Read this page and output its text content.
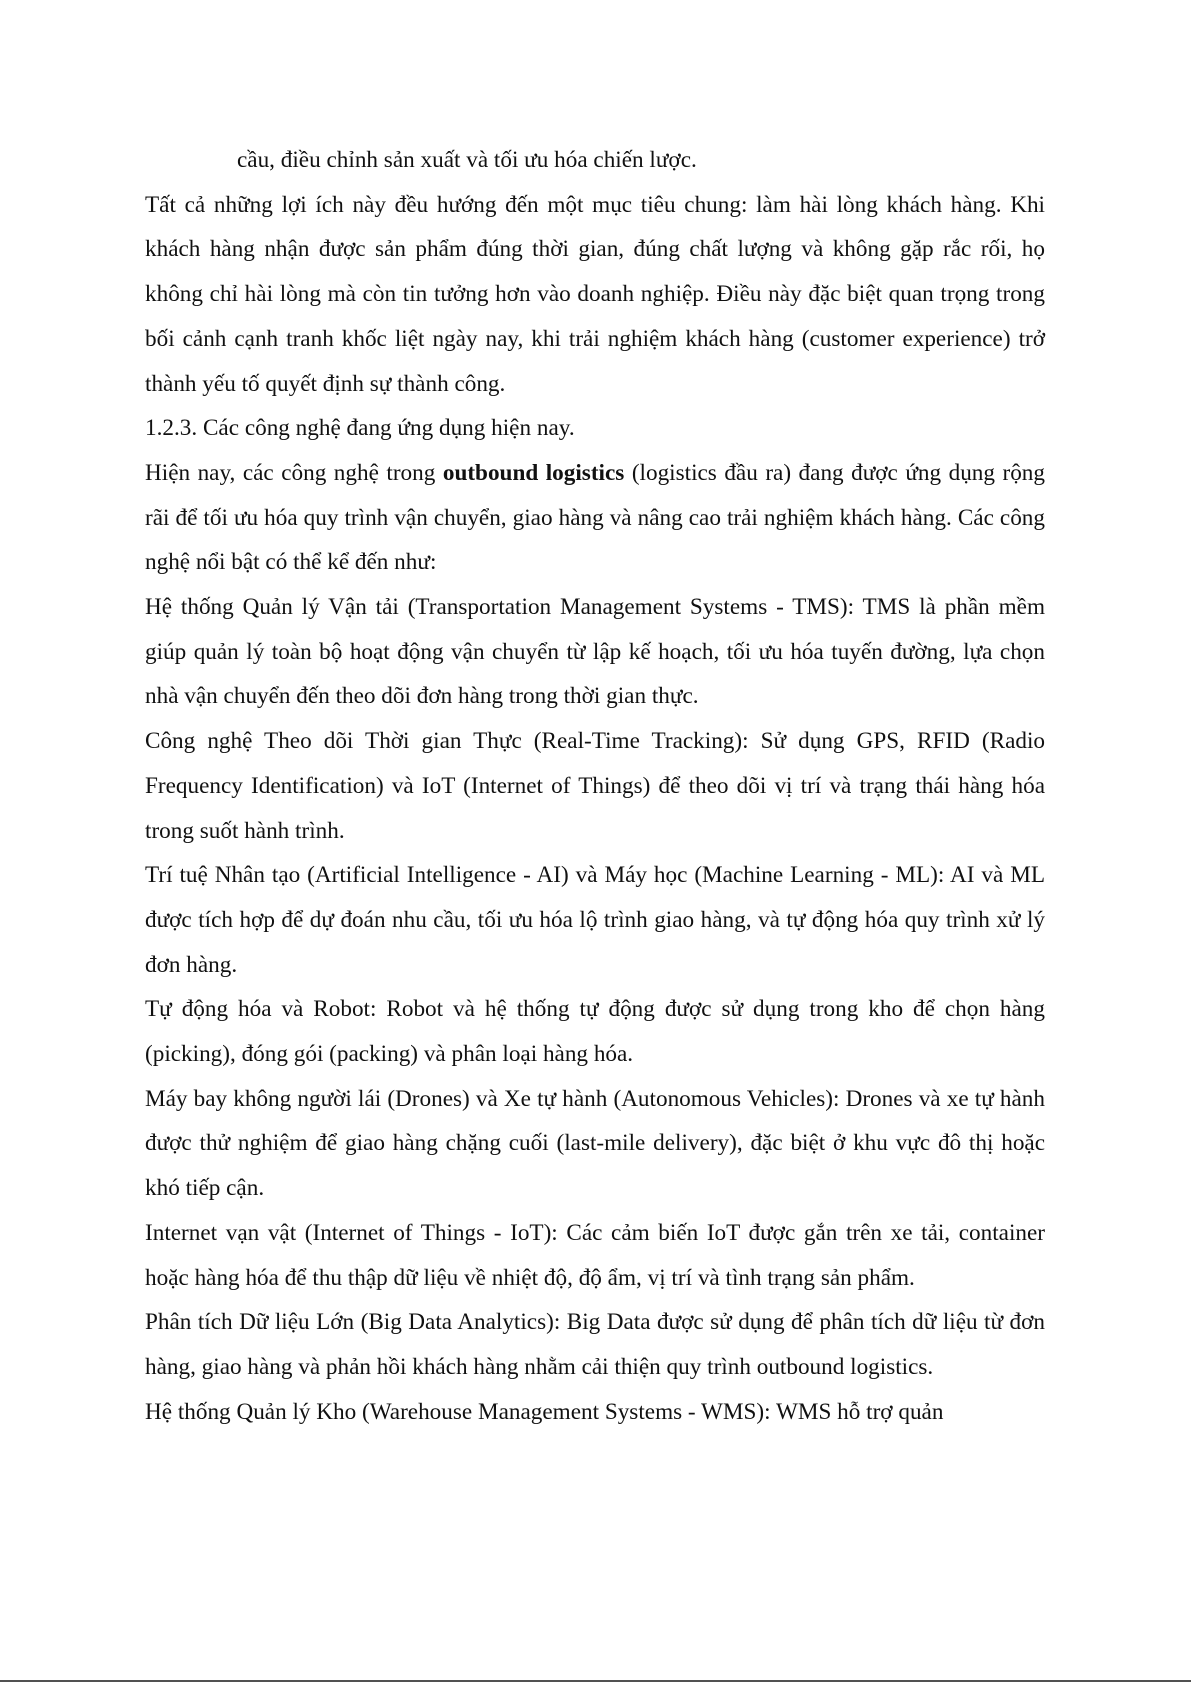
cầu, điều chỉnh sản xuất và tối ưu hóa chiến lược.

Tất cả những lợi ích này đều hướng đến một mục tiêu chung: làm hài lòng khách hàng. Khi khách hàng nhận được sản phẩm đúng thời gian, đúng chất lượng và không gặp rắc rối, họ không chỉ hài lòng mà còn tin tưởng hơn vào doanh nghiệp. Điều này đặc biệt quan trọng trong bối cảnh cạnh tranh khốc liệt ngày nay, khi trải nghiệm khách hàng (customer experience) trở thành yếu tố quyết định sự thành công.

1.2.3. Các công nghệ đang ứng dụng hiện nay.

Hiện nay, các công nghệ trong outbound logistics (logistics đầu ra) đang được ứng dụng rộng rãi để tối ưu hóa quy trình vận chuyển, giao hàng và nâng cao trải nghiệm khách hàng. Các công nghệ nổi bật có thể kể đến như:

Hệ thống Quản lý Vận tải (Transportation Management Systems - TMS): TMS là phần mềm giúp quản lý toàn bộ hoạt động vận chuyển từ lập kế hoạch, tối ưu hóa tuyến đường, lựa chọn nhà vận chuyển đến theo dõi đơn hàng trong thời gian thực.

Công nghệ Theo dõi Thời gian Thực (Real-Time Tracking): Sử dụng GPS, RFID (Radio Frequency Identification) và IoT (Internet of Things) để theo dõi vị trí và trạng thái hàng hóa trong suốt hành trình.

Trí tuệ Nhân tạo (Artificial Intelligence - AI) và Máy học (Machine Learning - ML): AI và ML được tích hợp để dự đoán nhu cầu, tối ưu hóa lộ trình giao hàng, và tự động hóa quy trình xử lý đơn hàng.

Tự động hóa và Robot: Robot và hệ thống tự động được sử dụng trong kho để chọn hàng (picking), đóng gói (packing) và phân loại hàng hóa.

Máy bay không người lái (Drones) và Xe tự hành (Autonomous Vehicles): Drones và xe tự hành được thử nghiệm để giao hàng chặng cuối (last-mile delivery), đặc biệt ở khu vực đô thị hoặc khó tiếp cận.

Internet vạn vật (Internet of Things - IoT): Các cảm biến IoT được gắn trên xe tải, container hoặc hàng hóa để thu thập dữ liệu về nhiệt độ, độ ẩm, vị trí và tình trạng sản phẩm.

Phân tích Dữ liệu Lớn (Big Data Analytics): Big Data được sử dụng để phân tích dữ liệu từ đơn hàng, giao hàng và phản hồi khách hàng nhằm cải thiện quy trình outbound logistics.

Hệ thống Quản lý Kho (Warehouse Management Systems - WMS): WMS hỗ trợ quản
